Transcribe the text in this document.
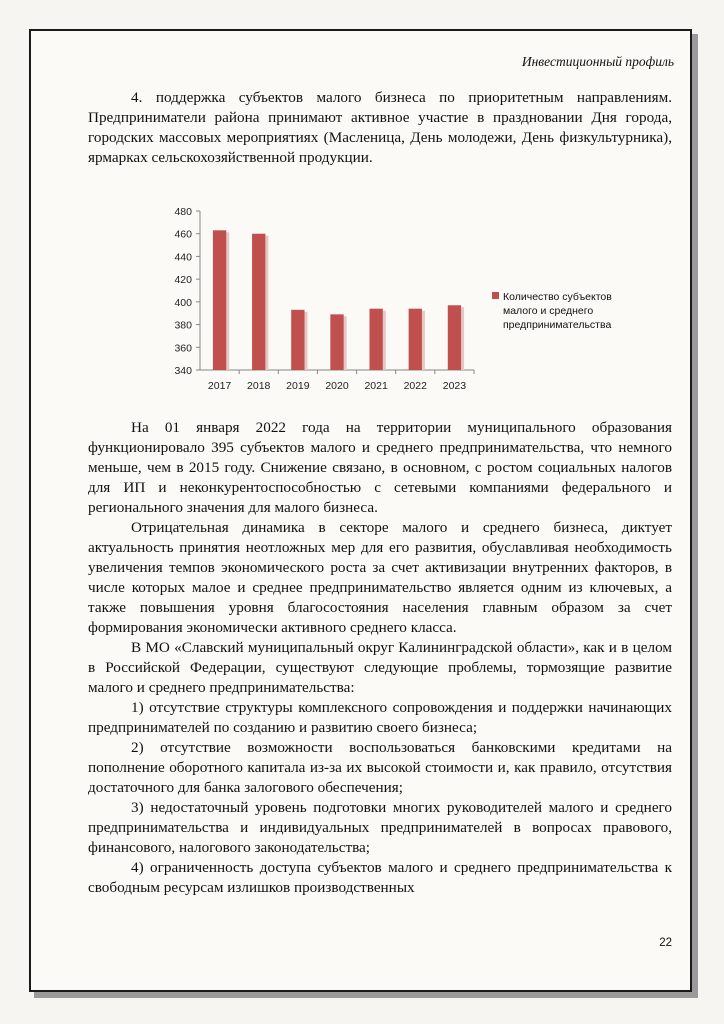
Инвестиционный профиль

4. поддержка субъектов малого бизнеса по приоритетным направлениям. Предприниматели района принимают активное участие в праздновании Дня города, городских массовых мероприятиях (Масленица, День молодежи, День физкультурника), ярмарках сельскохозяйственной продукции.

340
360
380
400
420
440
460
480
2017 2018 2019 2020 2021 2022 2023
Количество субъектов
малого и среднего
предпринимательства

На 01 января 2022 года на территории муниципального образования функционировало 395 субъектов малого и среднего предпринимательства, что немного меньше, чем в 2015 году. Снижение связано, в основном, с ростом социальных налогов для ИП и неконкурентоспособностью с сетевыми компаниями федерального и регионального значения для малого бизнеса.

Отрицательная динамика в секторе малого и среднего бизнеса, диктует актуальность принятия неотложных мер для его развития, обуславливая необходимость увеличения темпов экономического роста за счет активизации внутренних факторов, в числе которых малое и среднее предпринимательство является одним из ключевых, а также повышения уровня благосостояния населения главным образом за счет формирования экономически активного среднего класса.

В МО «Славский муниципальный округ Калининградской области», как и в целом в Российской Федерации, существуют следующие проблемы, тормозящие развитие малого и среднего предпринимательства:

1) отсутствие структуры комплексного сопровождения и поддержки начинающих предпринимателей по созданию и развитию своего бизнеса;

2) отсутствие возможности воспользоваться банковскими кредитами на пополнение оборотного капитала из-за их высокой стоимости и, как правило, отсутствия достаточного для банка залогового обеспечения;

3) недостаточный уровень подготовки многих руководителей малого и среднего предпринимательства и индивидуальных предпринимателей в вопросах правового, финансового, налогового законодательства;

4) ограниченность доступа субъектов малого и среднего предпринимательства к свободным ресурсам излишков производственных

22
